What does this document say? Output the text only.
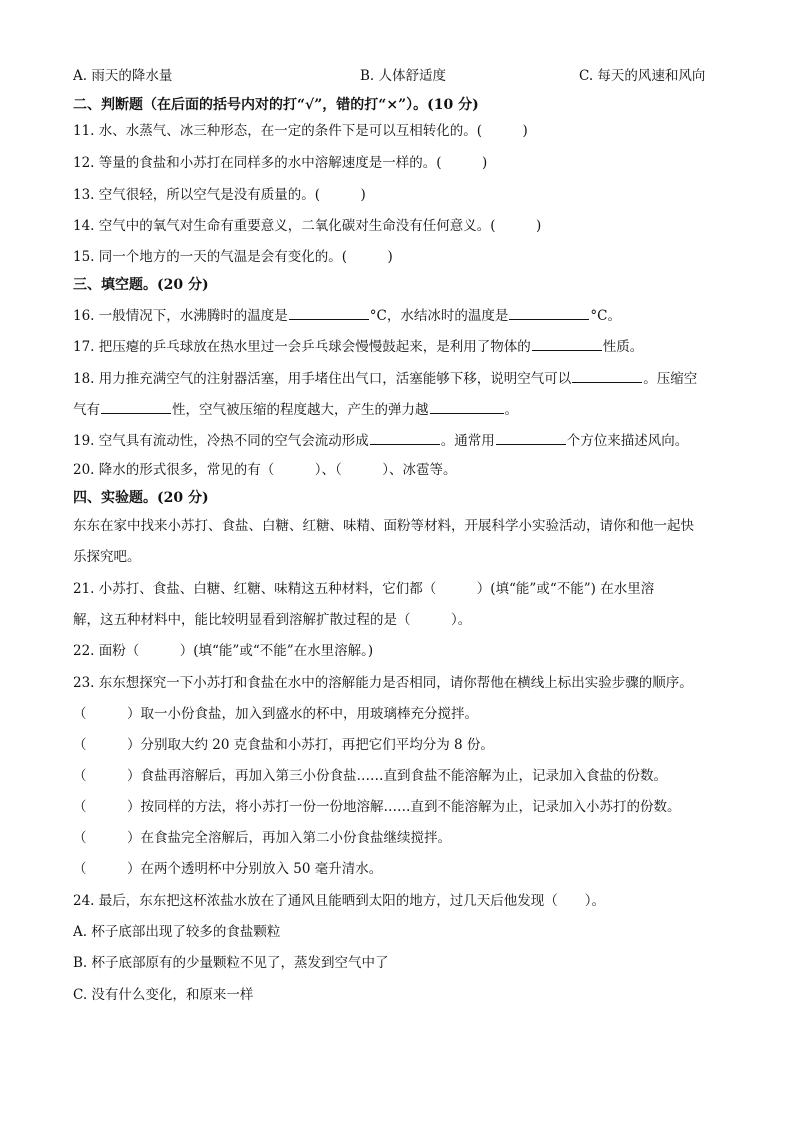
A. 雨天的降水量	B. 人体舒适度	C. 每天的风速和风向
二、判断题（在后面的括号内对的打“√”，错的打“×”）。(10 分)
11. 水、水蒸气、冰三种形态，在一定的条件下是可以互相转化的。(　　　)
12. 等量的食盐和小苏打在同样多的水中溶解速度是一样的。(　　　)
13. 空气很轻，所以空气是没有质量的。(　　　)
14. 空气中的氧气对生命有重要意义，二氧化碳对生命没有任何意义。(　　　)
15. 同一个地方的一天的气温是会有变化的。(　　　)
三、填空题。(20 分)
16. 一般情况下，水沸腾时的温度是	°C，水结冰时的温度是	°C。
17. 把压瘪的乒乓球放在热水里过一会乒乓球会慢慢鼓起来，是利用了物体的	性质。
18. 用力推充满空气的注射器活塞，用手堵住出气口，活塞能够下移，说明空气可以	。压缩空
气有	性，空气被压缩的程度越大，产生的弹力越	。
19. 空气具有流动性，冷热不同的空气会流动形成	。通常用	个方位来描述风向。
20. 降水的形式很多，常见的有（　　　）、（　　　）、冰雹等。
四、实验题。(20 分)
东东在家中找来小苏打、食盐、白糖、红糖、味精、面粉等材料，开展科学小实验活动，请你和他一起快
乐探究吧。
21. 小苏打、食盐、白糖、红糖、味精这五种材料，它们都（　　　）(填“能”或“不能”) 在水里溶
解，这五种材料中，能比较明显看到溶解扩散过程的是（　　　）。
22. 面粉（　　　）(填“能”或“不能”在水里溶解。)
23. 东东想探究一下小苏打和食盐在水中的溶解能力是否相同，请你帮他在横线上标出实验步骤的顺序。
（　　　）取一小份食盐，加入到盛水的杯中，用玻璃棒充分搅拌。
（　　　）分别取大约 20 克食盐和小苏打，再把它们平均分为 8 份。
（　　　）食盐再溶解后，再加入第三小份食盐……直到食盐不能溶解为止，记录加入食盐的份数。
（　　　）按同样的方法，将小苏打一份一份地溶解……直到不能溶解为止，记录加入小苏打的份数。
（　　　）在食盐完全溶解后，再加入第二小份食盐继续搅拌。
（　　　）在两个透明杯中分别放入 50 毫升清水。
24. 最后，东东把这杯浓盐水放在了通风且能晒到太阳的地方，过几天后他发现（　　）。
A. 杯子底部出现了较多的食盐颗粒
B. 杯子底部原有的少量颗粒不见了，蒸发到空气中了
C. 没有什么变化，和原来一样
